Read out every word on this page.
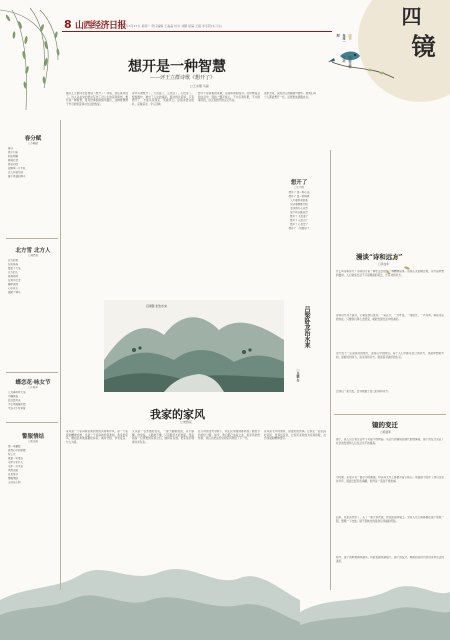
8 山西经济日报
2023年3月27日 星期一 责任编辑 王晶晶 校对 刘鹏 版编 王强 李冬阳(实习生)	四
镜
副刊
每周一
期
版面主编
刘洁
春分赋
□李晓峰
春分
燕子归来
阳光明媚
柳枝吐翠
桃花初绽
田野里一片生机
农人开始忙碌
播下希望的种子
北方雪 北方人
□刘清海
北方的雪
纷纷扬扬
覆盖了大地
北方的人
豪爽坦荡
在雪中行走
脚印深深
心中有火
温暖了寒冬
蝶恋花·咏女节
□王春华
三月春风吹大地
巾帼英姿
处处显风采
不让须眉展宏图
半边天下写华章
警服情结
□张志刚
那一身藏蓝
是我心中的骄傲
穿上它
就是一份责任
守护万家灯火
守护一方平安
风雨无阻
日夜坚守
警服情结
永远在心间
想开是一种智慧
——评王立群诗歌《想开了》
□王永刚 马丽
刚从王立群同志处得到《想开了》诗集，我认真拜读了。诗人以朴实的语言写出了对人生的深刻领悟，想开是一种智慧，是对世事的洞察与豁达，这种智慧源于岁月的积淀和对生活的热爱。
诗中写道想开了，天也蓝了，云也白了，心也宽了。短短数句，道出了人生的真谛。面对得失荣辱，只有想开了，才能从容淡定，笑看风云。这首诗语言质朴，意境深远，令人回味。
想开不是消极的逃避，而是积极的面对。在纷繁复杂的生活中，保持一颗平常心，不为名利所累，不为琐事所扰，这正是想开的意义所在。
读罢全诗，深感诗人的胸襟与情怀。愿我们每个人都能想开一些，活得更加洒脱自在。
想开了
□王立群
想开了 是一种心态
想开了 是一种境界
人生难免有起落
何必事事都计较
看淡得失心自宽
放下执念路自宽
想开了 天也蓝了
想开了 云也白了
想开了 心也宽了
想开了 一切都好了
吕梁卧龙治水来	吕梁卧龙治水来
□吴鹏 作
我家的家风
□刘新民
家风是一个家庭或家族的传统风尚和作风，是一个家庭的精神内核，也是一个家庭的价值准则。我家的家风，概括起来就是勤俭持家、诚实守信、孝老爱亲、与人为善。
父亲是一名普通的农民，一辈子勤勤恳恳，从不偷懒。他常说，人勤地不懒，只有勤劳才能致富。母亲则是一位贤惠的家庭主妇，她持家有道，把家里打理得井井有条。
在父母的言传身教下，我们兄弟姐妹都养成了勤俭节约的好习惯。如今，我们都已成家立业，但家风依然传承，我们也把这些好的家风传给了下一代。
家风是无声的教育，是最好的传承。让我们一起弘扬好家风，传承好家训，让家风家训成为家庭和睦、社会和谐的精神纽带。
漫谈“诗和远方”
□李成华
什么叫诗和远方？诗和远方是一种生活态度，一种精神追求。诗是心灵的栖息地，远方是梦想的彼岸。人们常说生活不只是眼前的苟且，还有诗和远方。
诗和远方并不遥远，它就在我们身边。一朵花开，一片叶落，一缕阳光，一声鸟鸣，都是诗意的存在。只要我们用心去感受，就能发现生活中的美好。
远方也不一定是遥远的地方，而是心中的向往。每个人心中都有自己的远方，那是梦想的方向，是前进的动力。追寻诗和远方，就是追寻美好的生活。
让我们一起出发，去寻找属于自己的诗和远方。
镜的变迁
□郭建军
镜子，是人们日常生活中不可缺少的物品。从古代的铜镜到现代的玻璃镜，镜子的变迁见证了社会的发展和人们生活水平的提高。
小时候，家里只有一面小小的圆镜，母亲每天早上都要对着它梳头。那面镜子陪伴了我们全家许多年，镜面已经有些模糊，但母亲一直舍不得扔掉。
后来，家里条件好了，买了一面大穿衣镜，挂在卧室的墙上。全家人出门前都要在镜子前照一照，整理一下衣装。镜子里映出的是我们幸福的笑脸。
如今，镜子的种类越来越多，功能也越来越强大。镜子的变迁，映照的是时代的进步和生活的美好。
